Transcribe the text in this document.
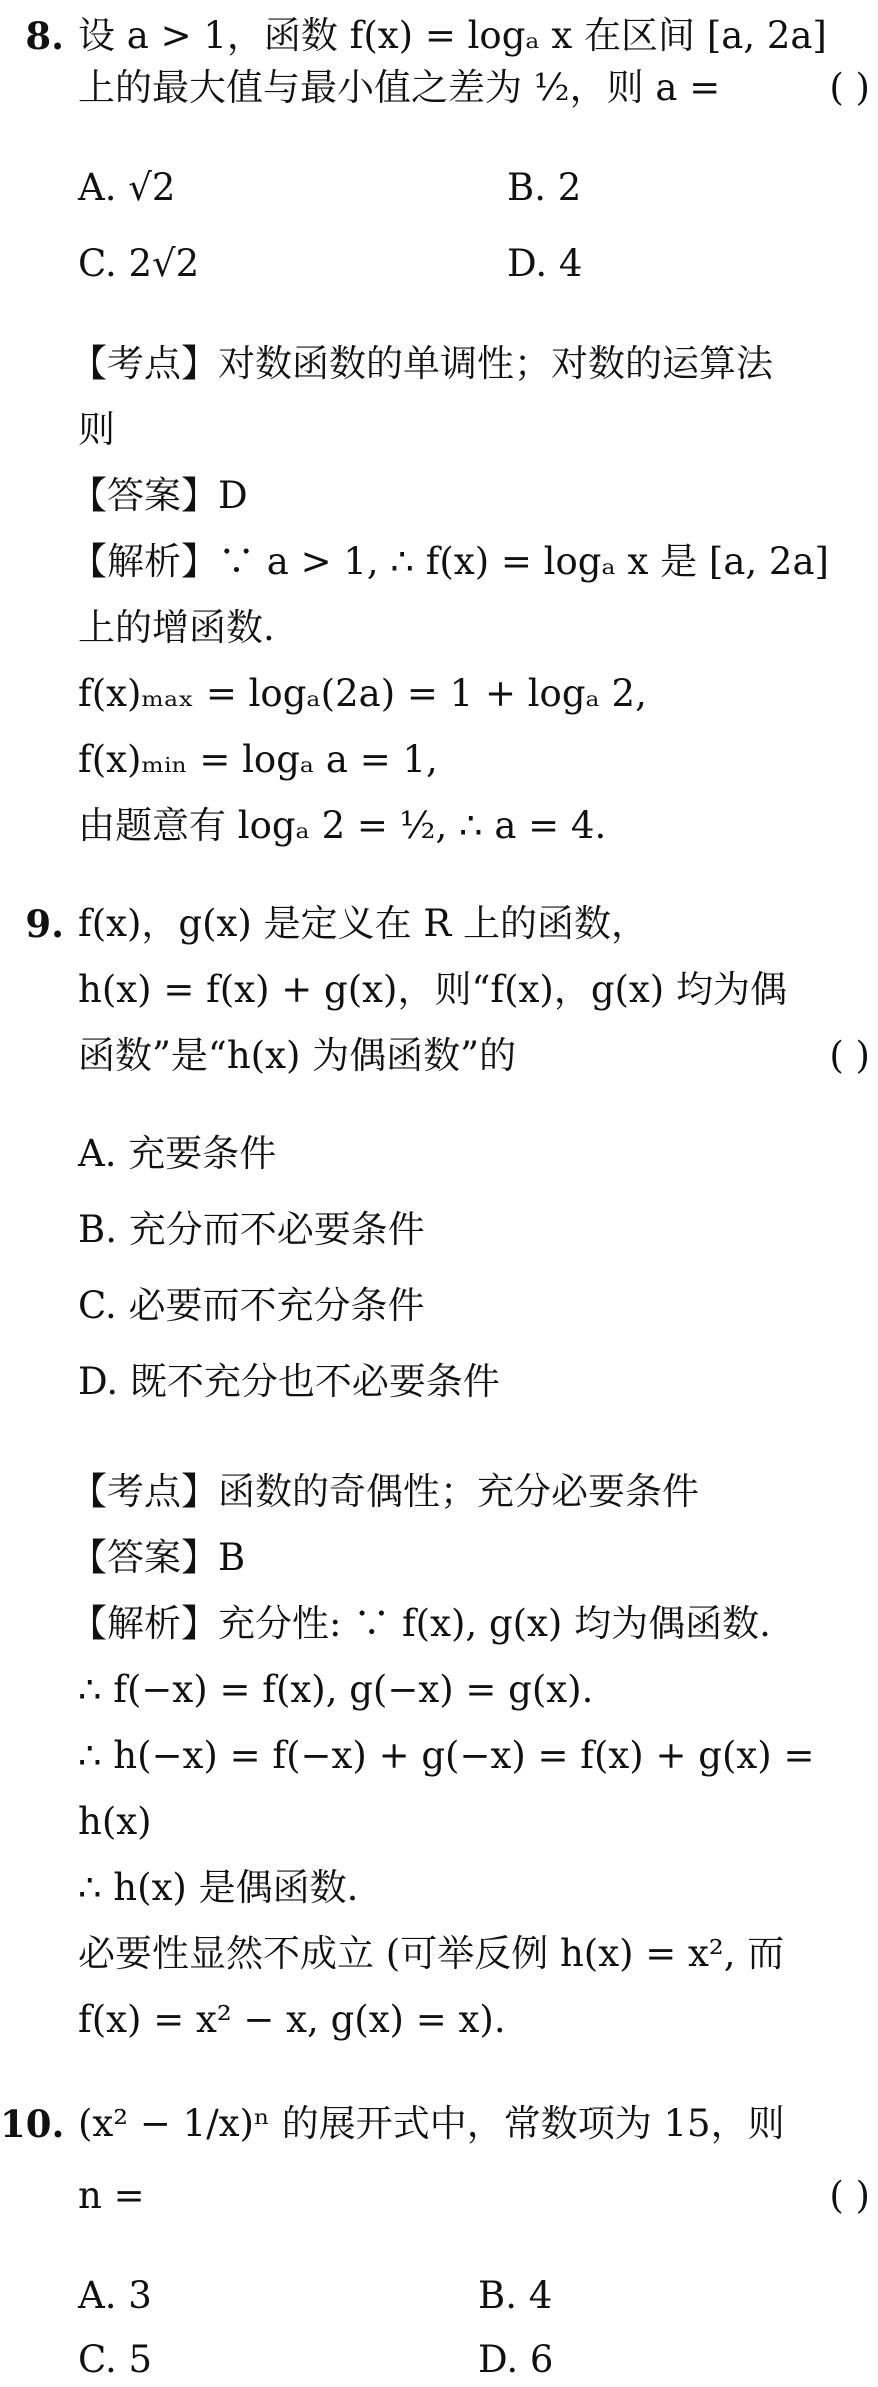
8. 设 a > 1，函数 f(x) = logₐ x 在区间 [a, 2a]
上的最大值与最小值之差为 ½，则 a =	( )
A. √2	B. 2
C. 2√2	D. 4
【考点】对数函数的单调性；对数的运算法
则
【答案】D
【解析】∵ a > 1, ∴ f(x) = logₐ x 是 [a, 2a]
上的增函数.
f(x)ₘₐₓ = logₐ(2a) = 1 + logₐ 2,
f(x)ₘᵢₙ = logₐ a = 1,
由题意有 logₐ 2 = ½, ∴ a = 4.
9. f(x)，g(x) 是定义在 R 上的函数，
h(x) = f(x) + g(x)，则“f(x)，g(x) 均为偶
函数”是“h(x) 为偶函数”的	( )
A. 充要条件
B. 充分而不必要条件
C. 必要而不充分条件
D. 既不充分也不必要条件
【考点】函数的奇偶性；充分必要条件
【答案】B
【解析】充分性: ∵ f(x), g(x) 均为偶函数.
∴ f(−x) = f(x), g(−x) = g(x).
∴ h(−x) = f(−x) + g(−x) = f(x) + g(x) =
h(x)
∴ h(x) 是偶函数.
必要性显然不成立 (可举反例 h(x) = x², 而
f(x) = x² − x, g(x) = x).
10. (x² − 1/x)ⁿ 的展开式中，常数项为 15，则
n =	( )
A. 3	B. 4
C. 5	D. 6
